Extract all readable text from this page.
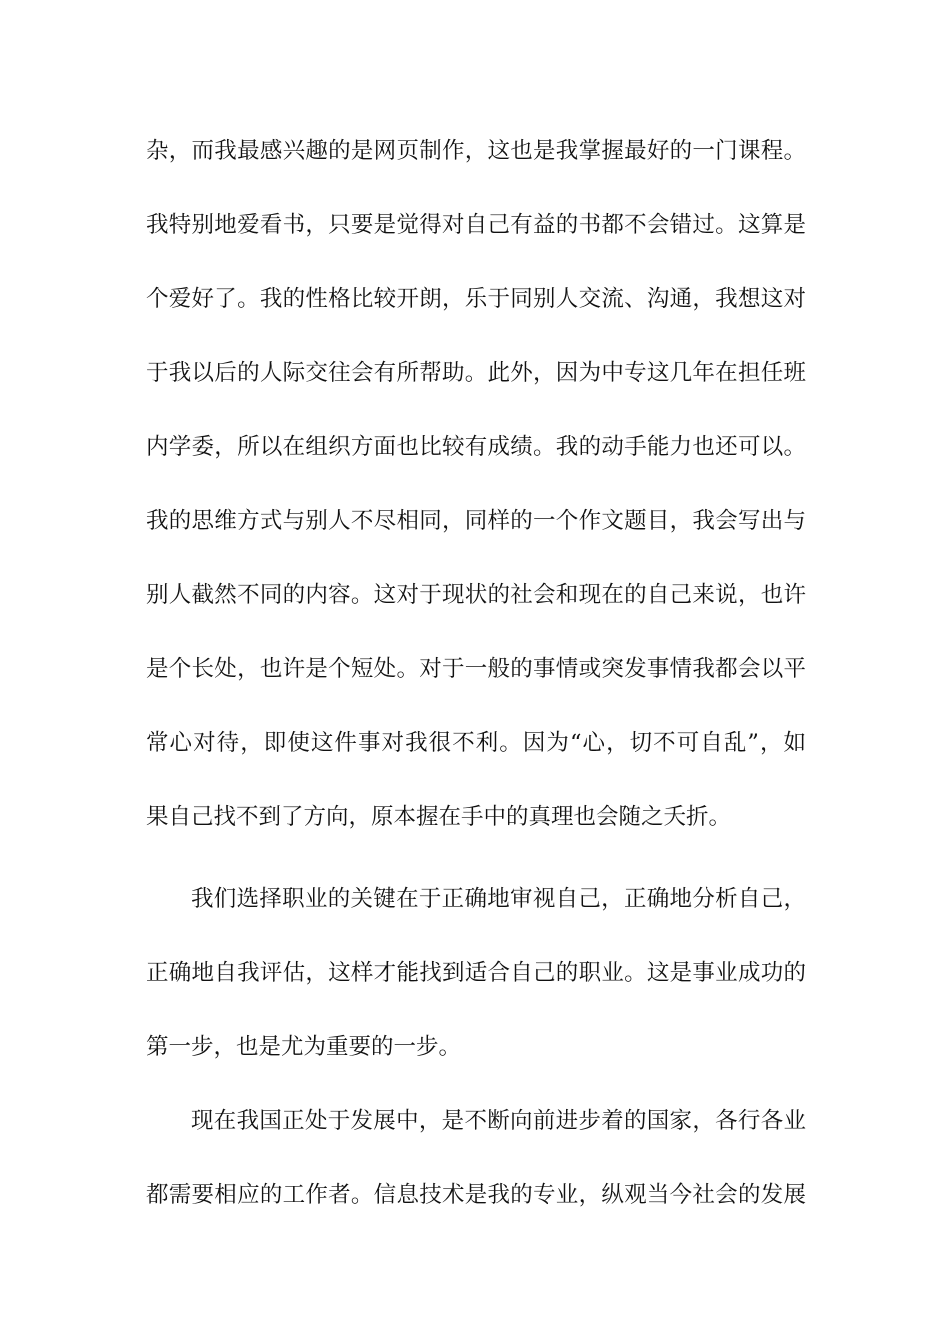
杂，而我最感兴趣的是网页制作，这也是我掌握最好的一门课程。
我特别地爱看书，只要是觉得对自己有益的书都不会错过。这算是
个爱好了。我的性格比较开朗，乐于同别人交流、沟通，我想这对
于我以后的人际交往会有所帮助。此外，因为中专这几年在担任班
内学委，所以在组织方面也比较有成绩。我的动手能力也还可以。
我的思维方式与别人不尽相同，同样的一个作文题目，我会写出与
别人截然不同的内容。这对于现状的社会和现在的自己来说，也许
是个长处，也许是个短处。对于一般的事情或突发事情我都会以平
常心对待，即使这件事对我很不利。因为“心，切不可自乱”，如
果自己找不到了方向，原本握在手中的真理也会随之夭折。
我们选择职业的关键在于正确地审视自己，正确地分析自己，
正确地自我评估，这样才能找到适合自己的职业。这是事业成功的
第一步，也是尤为重要的一步。
现在我国正处于发展中，是不断向前进步着的国家，各行各业
都需要相应的工作者。信息技术是我的专业，纵观当今社会的发展
